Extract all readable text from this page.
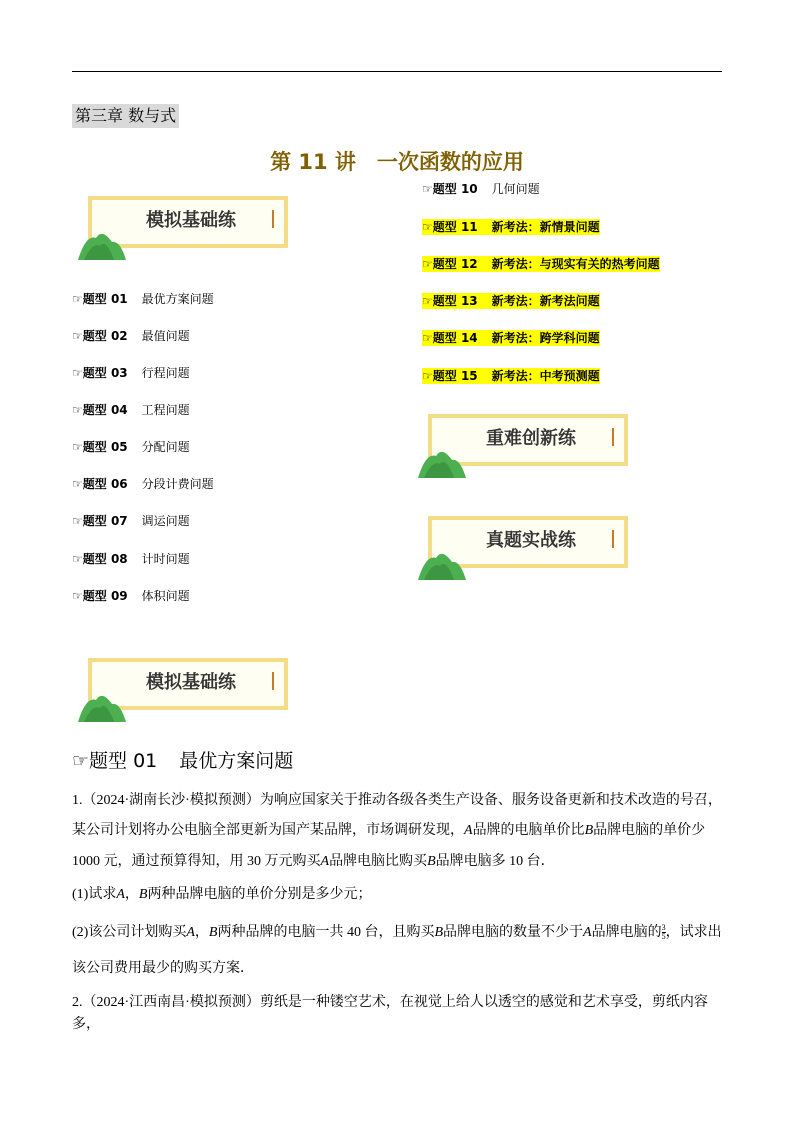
第三章 数与式
第 11 讲　一次函数的应用
模拟基础练
☞题型 01 最优方案问题
☞题型 02 最值问题
☞题型 03 行程问题
☞题型 04 工程问题
☞题型 05 分配问题
☞题型 06 分段计费问题
☞题型 07 调运问题
☞题型 08 计时问题
☞题型 09 体积问题
☞题型 10 几何问题
☞题型 11 新考法：新情景问题
☞题型 12 新考法：与现实有关的热考问题
☞题型 13 新考法：新考法问题
☞题型 14 新考法：跨学科问题
☞题型 15 新考法：中考预测题
重难创新练
真题实战练
模拟基础练
☞题型 01 最优方案问题
1.（2024·湖南长沙·模拟预测）为响应国家关于推动各级各类生产设备、服务设备更新和技术改造的号召，
某公司计划将办公电脑全部更新为国产某品牌，市场调研发现，A品牌的电脑单价比B品牌电脑的单价少
1000 元，通过预算得知，用 30 万元购买A品牌电脑比购买B品牌电脑多 10 台．
(1)试求A，B两种品牌电脑的单价分别是多少元；
(2)该公司计划购买A，B两种品牌的电脑一共 40 台，且购买B品牌电脑的数量不少于A品牌电脑的 $\frac{3}{5}$ ，试求出
该公司费用最少的购买方案．
2.（2024·江西南昌·模拟预测）剪纸是一种镂空艺术，在视觉上给人以透空的感觉和艺术享受，剪纸内容多，
